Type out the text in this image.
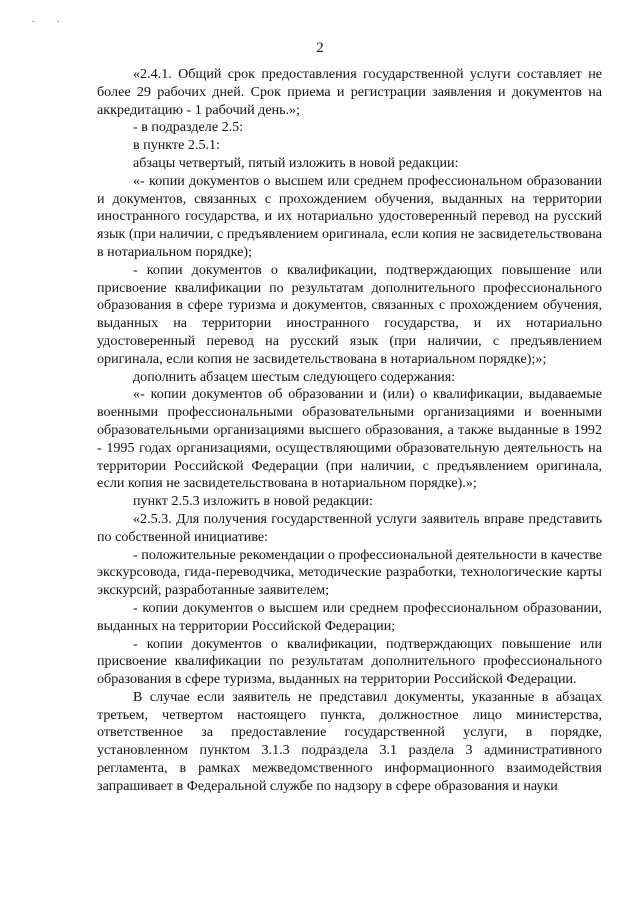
. .
2

«2.4.1. Общий срок предоставления государственной услуги составляет не более 29 рабочих дней. Срок приема и регистрации заявления и документов на аккредитацию - 1 рабочий день.»;

- в подразделе 2.5:

в пункте 2.5.1:

абзацы четвертый, пятый изложить в новой редакции:

«- копии документов о высшем или среднем профессиональном образовании и документов, связанных с прохождением обучения, выданных на территории иностранного государства, и их нотариально удостоверенный перевод на русский язык (при наличии, с предъявлением оригинала, если копия не засвидетельствована в нотариальном порядке);

- копии документов о квалификации, подтверждающих повышение или присвоение квалификации по результатам дополнительного профессионального образования в сфере туризма и документов, связанных с прохождением обучения, выданных на территории иностранного государства, и их нотариально удостоверенный перевод на русский язык (при наличии, с предъявлением оригинала, если копия не засвидетельствована в нотариальном порядке);»;

дополнить абзацем шестым следующего содержания:

«- копии документов об образовании и (или) о квалификации, выдаваемые военными профессиональными образовательными организациями и военными образовательными организациями высшего образования, а также выданные в 1992 - 1995 годах организациями, осуществляющими образовательную деятельность на территории Российской Федерации (при наличии, с предъявлением оригинала, если копия не засвидетельствована в нотариальном порядке).»;

пункт 2.5.3 изложить в новой редакции:

«2.5.3. Для получения государственной услуги заявитель вправе представить по собственной инициативе:

- положительные рекомендации о профессиональной деятельности в качестве экскурсовода, гида-переводчика, методические разработки, технологические карты экскурсий, разработанные заявителем;

- копии документов о высшем или среднем профессиональном образовании, выданных на территории Российской Федерации;

- копии документов о квалификации, подтверждающих повышение или присвоение квалификации по результатам дополнительного профессионального образования в сфере туризма, выданных на территории Российской Федерации.

В случае если заявитель не представил документы, указанные в абзацах третьем, четвертом настоящего пункта, должностное лицо министерства, ответственное за предоставление государственной услуги, в порядке, установленном пунктом 3.1.3 подраздела 3.1 раздела 3 административного регламента, в рамках межведомственного информационного взаимодействия запрашивает в Федеральной службе по надзору в сфере образования и науки
